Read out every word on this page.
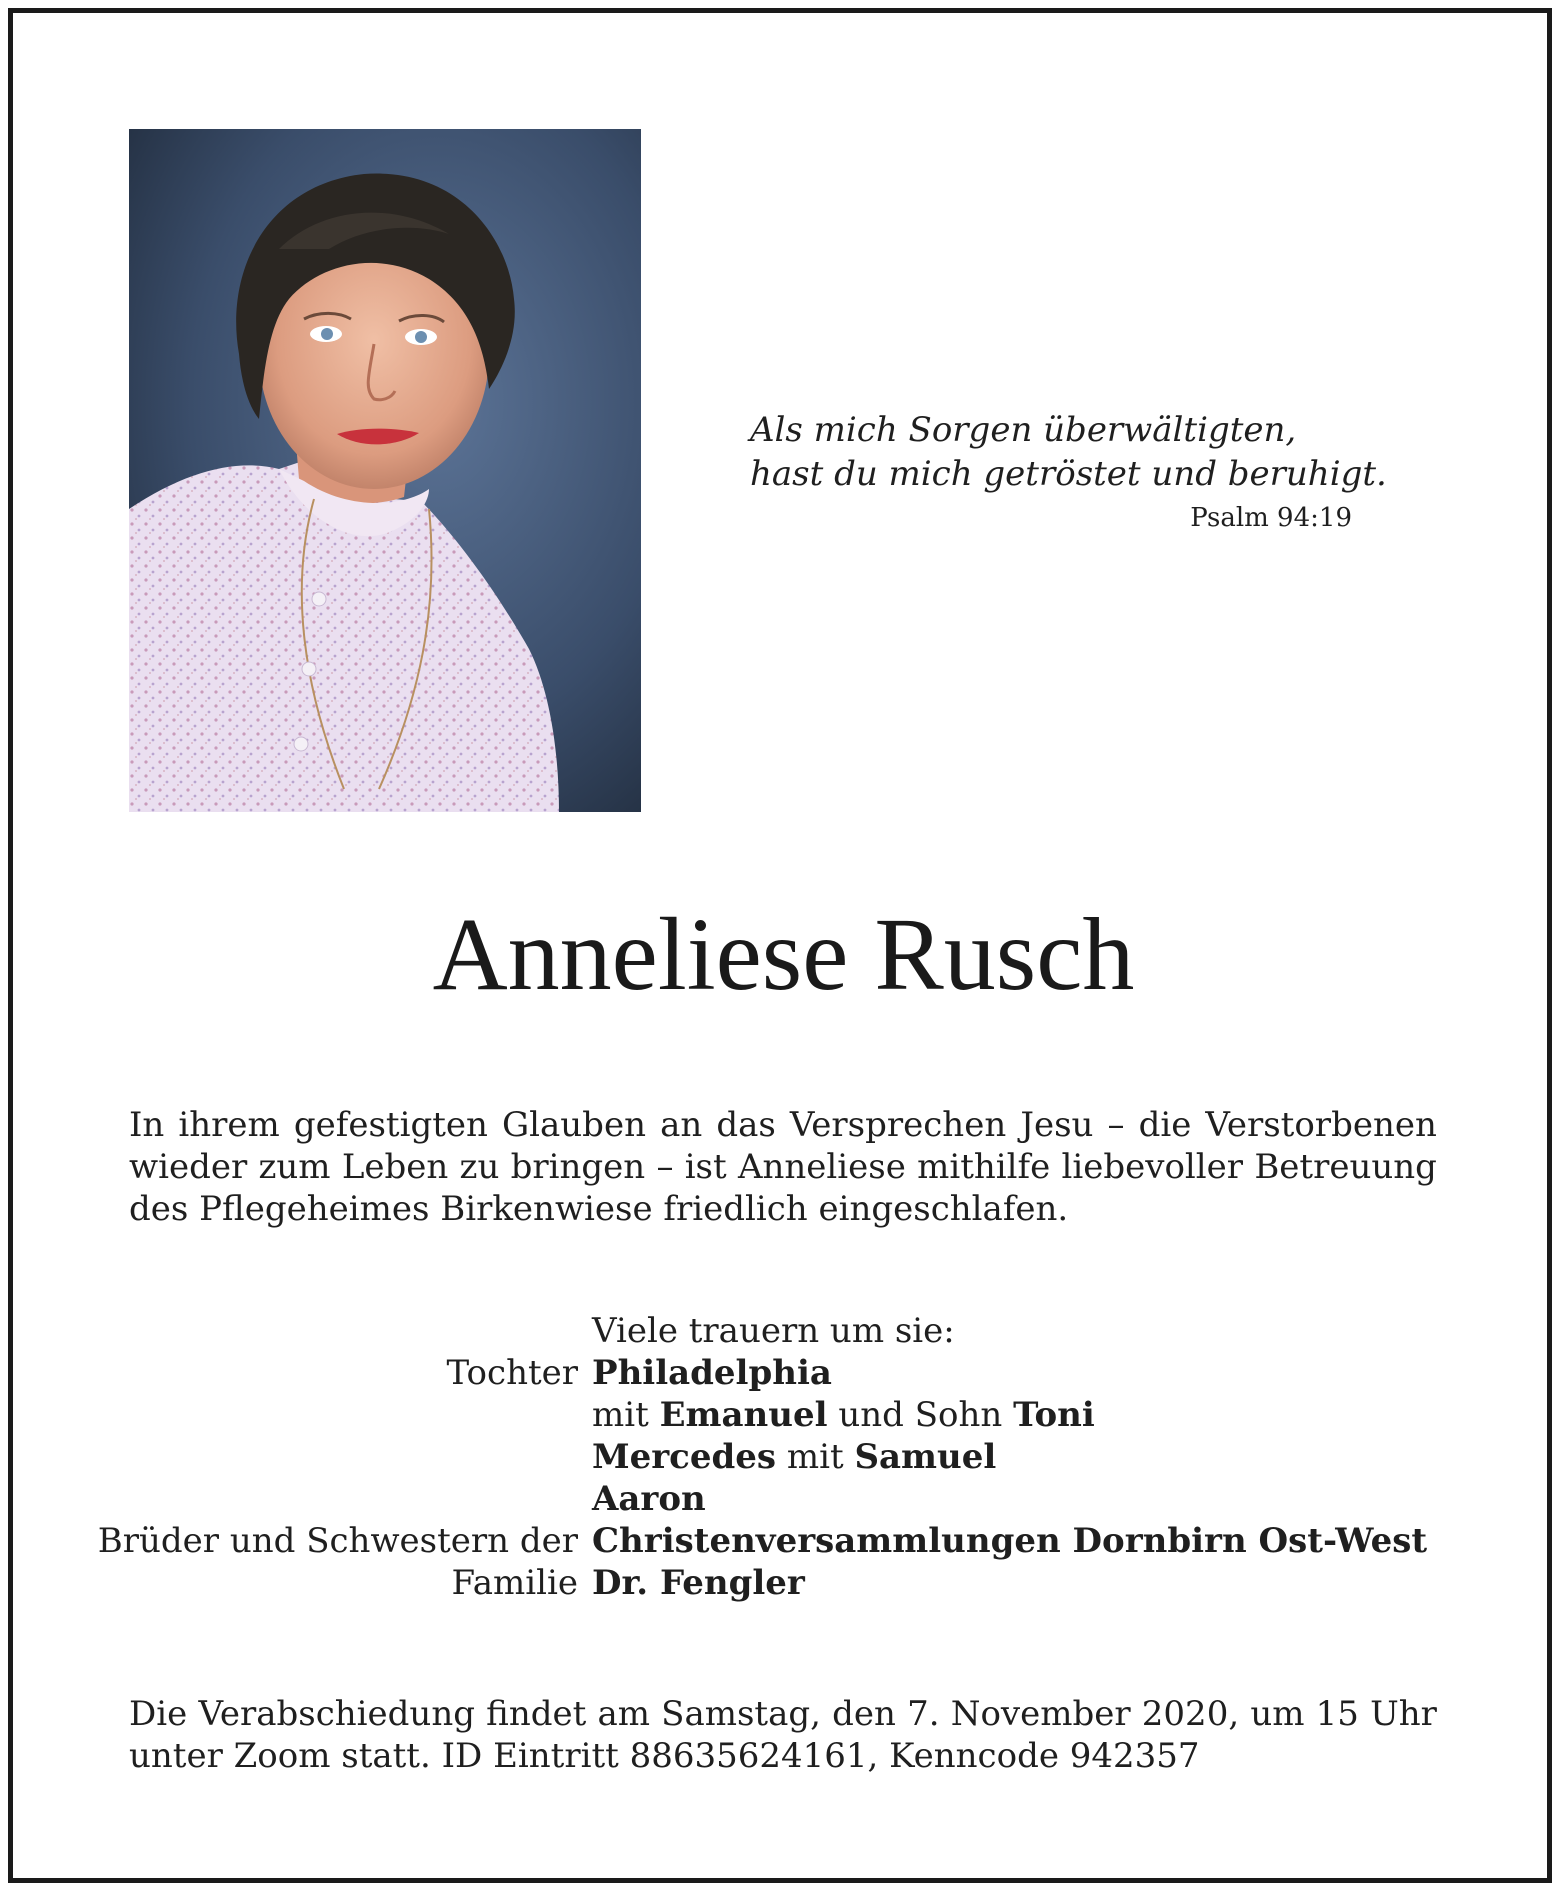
Als mich Sorgen überwältigten,
hast du mich getröstet und beruhigt.
Psalm 94:19
Anneliese Rusch
In ihrem gefestigten Glauben an das Versprechen Jesu – die Verstorbenen
wieder zum Leben zu bringen – ist Anneliese mithilfe liebevoller Betreuung
des Pflegeheimes Birkenwiese friedlich eingeschlafen.
Viele trauern um sie:
Tochter Philadelphia
mit Emanuel und Sohn Toni
Mercedes mit Samuel
Aaron
Brüder und Schwestern der Christenversammlungen Dornbirn Ost-West
Familie Dr. Fengler
Die Verabschiedung findet am Samstag, den 7. November 2020, um 15 Uhr
unter Zoom statt. ID Eintritt 88635624161, Kenncode 942357
